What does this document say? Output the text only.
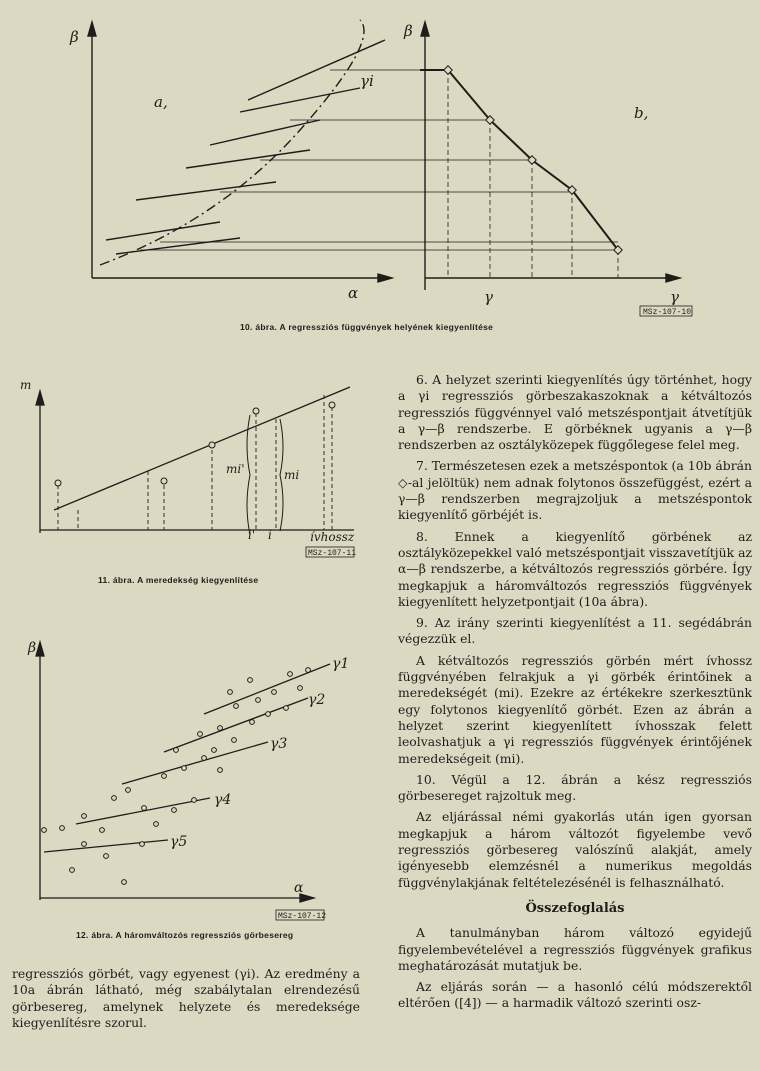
β
a,
γi
α
β
b,
γ	γ
MSz-107-10
10. ábra. A regressziós függvények helyének kiegyenlítése
m
mi'	mi
i' i	ívhossz
MSz-107-11
11. ábra. A meredekség kiegyenlítése
β
α
γ1
γ2
γ3
γ4
γ5
MSz-107-12
12. ábra. A háromváltozós regressziós görbesereg

regressziós görbét, vagy egyenest (γi). Az eredmény a 10a ábrán látható, még szabálytalan elrendezésű görbesereg, amelynek helyzete és meredeksége kiegyenlítésre szorul.

6. A helyzet szerinti kiegyenlítés úgy történhet, hogy a γi regressziós görbeszakaszoknak a kétváltozós regressziós függvénnyel való metszéspontjait átvetítjük a γ—β rendszerbe. E görbéknek ugyanis a γ—β rendszerben az osztályközepek függőlegese felel meg.

7. Természetesen ezek a metszéspontok (a 10b ábrán ◇-al jelöltük) nem adnak folytonos összefüggést, ezért a γ—β rendszerben megrajzoljuk a metszéspontok kiegyenlítő görbéjét is.

8. Ennek a kiegyenlítő görbének az osztályközepekkel való metszéspontjait visszavetítjük az α—β rendszerbe, a kétváltozós regressziós görbére. Így megkapjuk a háromváltozós regressziós függvények kiegyenlített helyzetpontjait (10a ábra).

9. Az irány szerinti kiegyenlítést a 11. segédábrán végezzük el.

A kétváltozós regressziós görbén mért ívhossz függvényében felrakjuk a γi görbék érintőinek a meredekségét (mi). Ezekre az értékekre szerkesztünk egy folytonos kiegyenlítő görbét. Ezen az ábrán a helyzet szerint kiegyenlített ívhosszak felett leolvashatjuk a γi regressziós függvények érintőjének meredekségeit (mi).

10. Végül a 12. ábrán a kész regressziós görbesereget rajzoltuk meg.

Az eljárással némi gyakorlás után igen gyorsan megkapjuk a három változót figyelembe vevő regressziós görbesereg valószínű alakját, amely igényesebb elemzésnél a numerikus megoldás függvénylakjának feltételezésénél is felhasználható.

Összefoglalás

A tanulmányban három változó egyidejű figyelembevételével a regressziós függvények grafikus meghatározását mutatjuk be.

Az eljárás során — a hasonló célú módszerektől eltérően ([4]) — a harmadik változó szerinti osz-
